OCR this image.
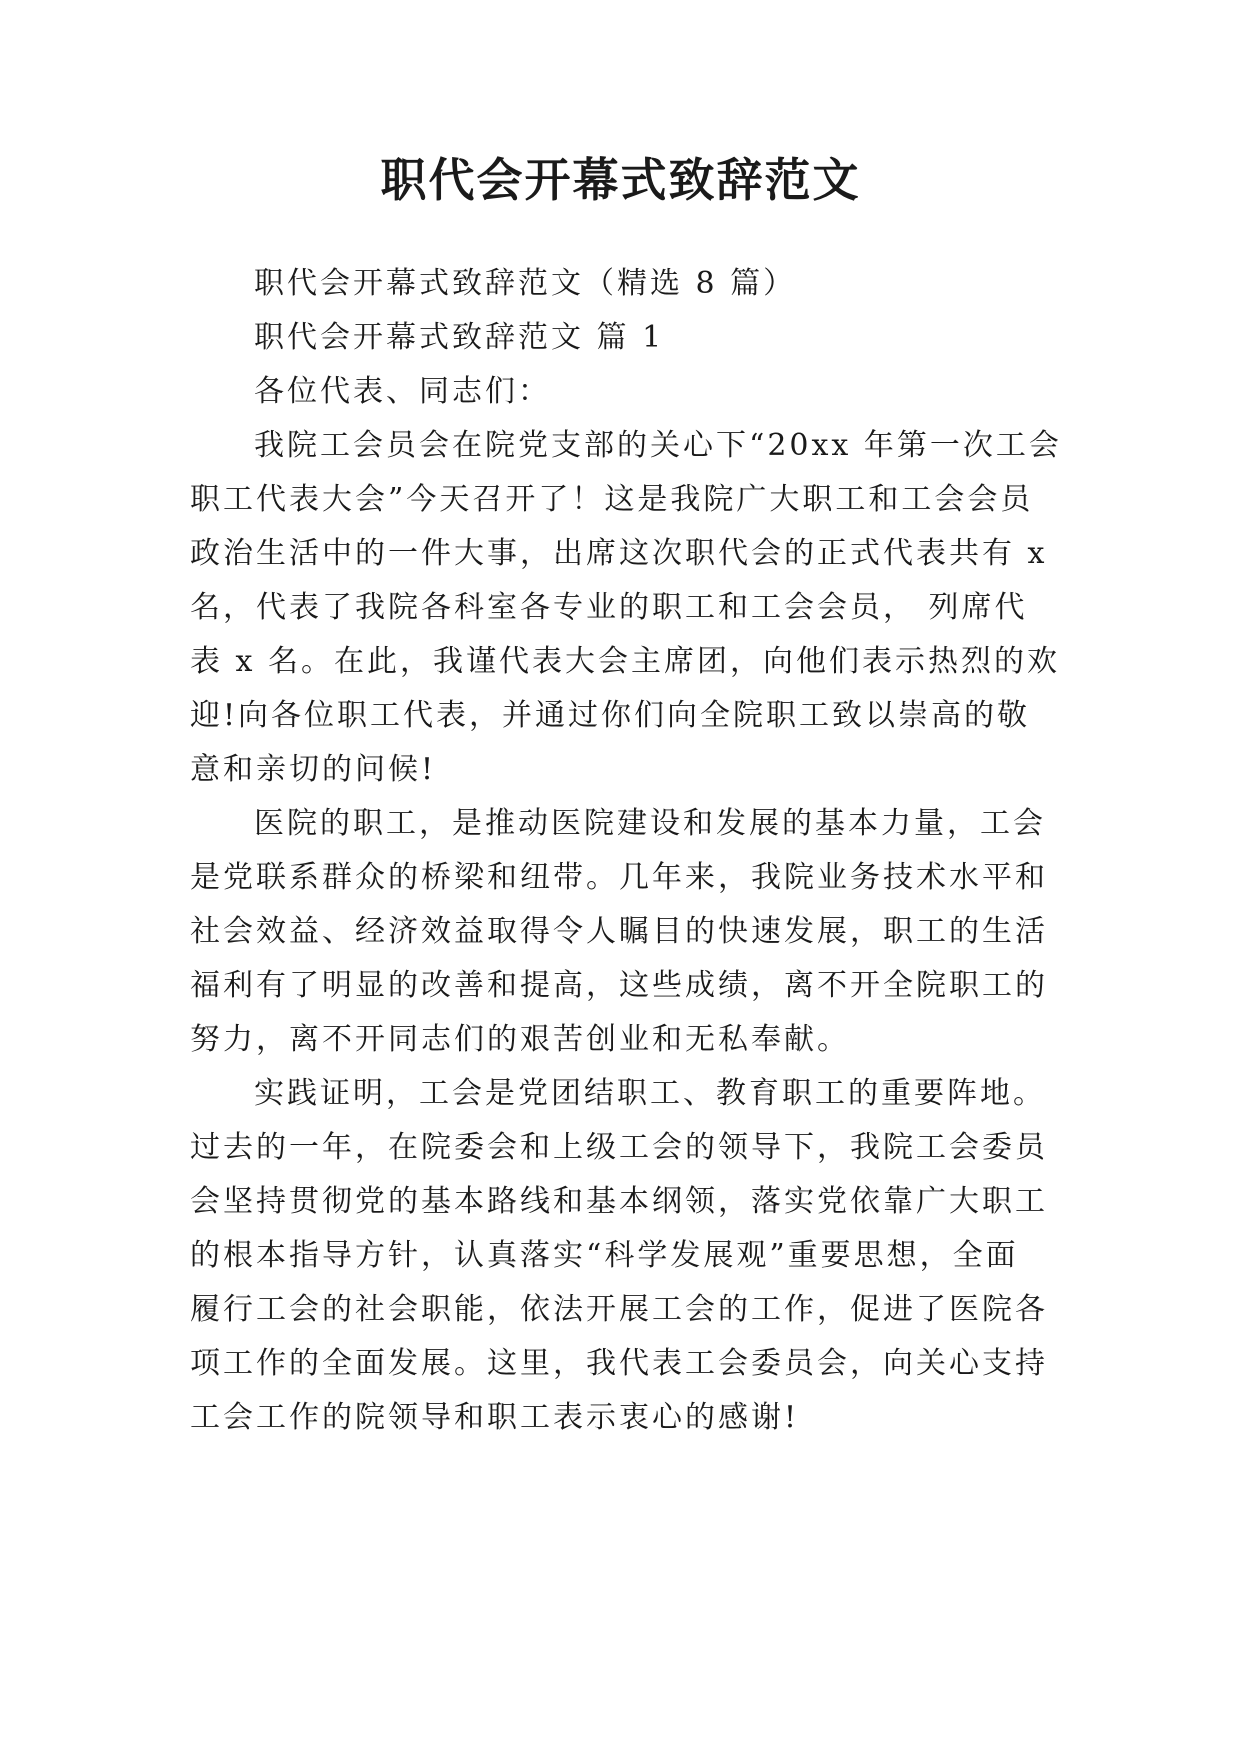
职代会开幕式致辞范文
职代会开幕式致辞范文（精选 8 篇）
职代会开幕式致辞范文 篇 1
各位代表、同志们：
我院工会员会在院党支部的关心下“20xx 年第一次工会
职工代表大会”今天召开了！这是我院广大职工和工会会员
政治生活中的一件大事，出席这次职代会的正式代表共有 x
名，代表了我院各科室各专业的职工和工会会员， 列席代
表 x 名。在此，我谨代表大会主席团，向他们表示热烈的欢
迎!向各位职工代表，并通过你们向全院职工致以崇高的敬
意和亲切的问候!
医院的职工，是推动医院建设和发展的基本力量，工会
是党联系群众的桥梁和纽带。几年来，我院业务技术水平和
社会效益、经济效益取得令人瞩目的快速发展，职工的生活
福利有了明显的改善和提高，这些成绩，离不开全院职工的
努力，离不开同志们的艰苦创业和无私奉献。
实践证明，工会是党团结职工、教育职工的重要阵地。
过去的一年，在院委会和上级工会的领导下，我院工会委员
会坚持贯彻党的基本路线和基本纲领，落实党依靠广大职工
的根本指导方针，认真落实“科学发展观”重要思想，全面
履行工会的社会职能，依法开展工会的工作，促进了医院各
项工作的全面发展。这里，我代表工会委员会，向关心支持
工会工作的院领导和职工表示衷心的感谢!
